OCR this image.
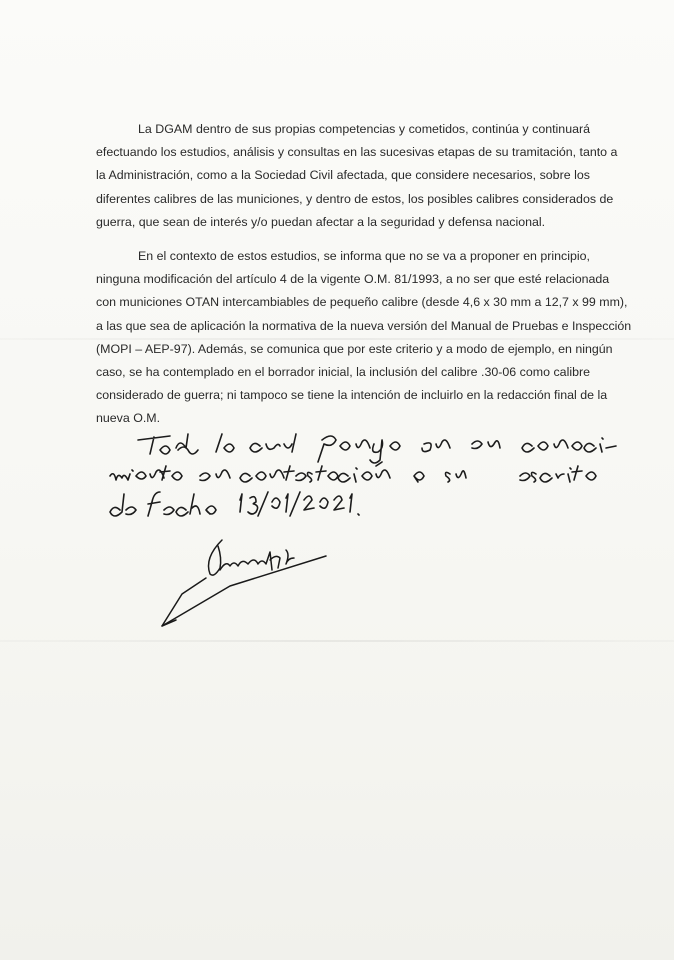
La DGAM dentro de sus propias competencias y cometidos, continúa y continuará
efectuando los estudios, análisis y consultas en las sucesivas etapas de su tramitación, tanto a
la Administración, como a la Sociedad Civil afectada, que considere necesarios, sobre los
diferentes calibres de las municiones, y dentro de estos, los posibles calibres considerados de
guerra, que sean de interés y/o puedan afectar a la seguridad y defensa nacional.
En el contexto de estos estudios, se informa que no se va a proponer en principio,
ninguna modificación del artículo 4 de la vigente O.M. 81/1993, a no ser que esté relacionada
con municiones OTAN intercambiables de pequeño calibre (desde 4,6 x 30 mm a 12,7 x 99 mm),
a las que sea de aplicación la normativa de la nueva versión del Manual de Pruebas e Inspección
(MOPI – AEP-97). Además, se comunica que por este criterio y a modo de ejemplo, en ningún
caso, se ha contemplado en el borrador inicial, la inclusión del calibre .30-06 como calibre
considerado de guerra; ni tampoco se tiene la intención de incluirlo en la redacción final de la
nueva O.M.
